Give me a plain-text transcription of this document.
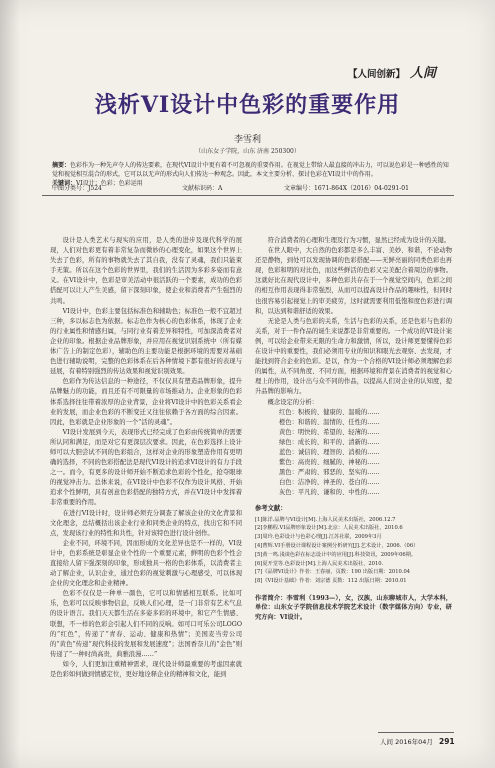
【人间创新】 人间
浅析VI设计中色彩的重要作用
李雪利
（山东女子学院，山东 济南 250300）
摘要：色彩作为一种先声夺人的传达要素，在现代VI设计中更有着不可忽视的重要作用。在视觉上带给人最直接的冲击力，可以说色彩是一种感性的知觉和视觉相互混合的形式，它可以以无声的形式向人们传达一种观念。因此，本文主要分析、探讨色彩在VI设计中的作用。
关键词：VI设计；色彩；色彩运用
中图分类号：J524	文献标识码：A	文章编号：1671-864X（2016）04-0291-01

设计是人类艺术与现实的应用，是人类的进步及现代科学的展现，人们对色彩更有着非常复杂而微妙的心理变化，如果这个世界上失去了色彩，所有的事物就失去了其自我，没有了灵魂，我们只能束手无策。所以在这个色彩的世界里，我们的生活因为多彩多姿而有意义。在VI设计中，色彩是审美活动中很活跃的一个要素，成功的色彩搭配可以让人产生美感，留下深刻印象，使企业和消费者产生强烈的共鸣。

VI设计中，色彩主要包括标准色和辅助色；标准色一般不宜超过三种，多以标志色为依据。标志色作为核心的色彩体系，体现了企业的行业属性和情感归属，与同行业有着差异和特性，可加深消费者对企业的印象。根据企业品牌形象，并应用在视觉识别系统中（所有媒体广告上的制定色彩），辅助色的主要功能是根据环境的需要对基础色进行辅助说明，完整的色彩体系在后各种情境下都有很好的表现与延展，有着特别强烈的传达效果和视觉识别效果。

色彩作为传达信息的一种途径，不仅仅具有塑造品牌形象，提升品牌魅力的功能，而且还有不可限量的市场推动力。企业形象的色彩体系选择往往带着浓厚的企业背景，企业将VI设计中的色彩关系看企业的发展，而企业色彩的不断变迁又往往依赖于各方面的综合因素。因此，色彩就是企业形象的一个“活的灵魂”。

VI设计发展到今天，表现形式已经完成了色彩由传统简单的需要所认同和满足，而是对它有更深层次要求。因此，在色彩选择上设计师可以大胆尝试不同的色彩组合，这样对企业的形象塑造作用有更明确的选择，不同的色彩搭配法是现代VI设计的追求VI设计的有力手段之一。而今，有更多的设计师开始不断追求色彩的个性化，抢夺眼球的视觉冲击力。总体来说，在VI设计中色彩不仅作为设计风格、开始追求个性鲜明，具有创意色彩搭配的独特方式，并在VI设计中发挥着非常重要的作用。

在进行VI设计时，设计师必须充分调查了解该企业的文化背景和文化理念，总结概括出该企业行业和同类企业的特点，找出它和不同点，发现该行业的特性和共性，针对该特色进行设计创作。

企业不同，环境不同，因而形成的文化差异也是不一样的，VI设计中，色彩系统是彰显企业个性的一个重要元素，鲜明的色彩个性会直接给人留下强深刻的印象，形成独具一格的色彩体系，以消费者主动了解企业，认识企业，通过色彩的视觉刺激与心理感受，可以体现企业的文化理念和企业精神。

色彩不仅仅是一种单一颜色，它可以和情感相互联系。比如可乐，色彩可以反映事物信息，反映人们心理，是一门非常有艺术气息的设计语言。我们天天都生活在多姿多彩的环境中，和它产生情感、联想，不一样的色彩会引起人们不同的反响。如可口可乐公司LOGO的“红色”，传递了“青春、运动、健康和热情”；美国麦当劳公司的“黄色”传递“现代科技的发展和发展速度”；法国香奈儿的“金色”则传递了“一种时尚高贵，典雅浪漫……”

如今，人们更加注重精神需求，现代设计师最重要的考虑因素就是色彩如何做到情感定位，更好地诠释企业的精神和文化，能到

符合消费者的心理和生理及行为习惯，显然已经成为设计的关键。

在世人眼中，大自然的色彩都是多么丰富、美妙、和谐，不论动物还是静物，到处可以发现协调的色彩搭配——无鲜亮丽的同类色彩也再现，色彩和明的对比色，而这些鲜活的色彩又完美配合着周边的事物。这就好比在现代设计中，多种色彩共存在于一个视觉空间内，色彩之间的相互作用表现得非常强烈，从而可以提高设计作品的趣味性，但同时也很容易引起视觉上的审美疲劳，这时就需要利用低饱和度色彩进行调和，以达到和谐舒适的效果。

无论是人类与色彩的关系，生活与色彩的关系，还是色彩与色彩的关系，对于一件作品的诞生来说都是非常重要的。一个成功的VI设计案例，可以给企业带来无限的生命力和激情，所以，设计师更要懂得色彩在设计中的重要性，我们必须用专业的知识和眼光去观察、去发现，才能找到符合企业的色彩。是以，作为一个合格的VI设计师必须理解色彩的属性，从不同角度、不同方面，根据环境和背景在消费者的视觉和心理上的作用，设计出与众不同的作品，以提高人们对企业的认知度，提升品牌的影响力。

概念设定的分析：

红色：积极的、健康的、温暖的……
橙色：和谐的、温情的、任性的……
黄色：明快的、希望的、轻薄的……
绿色：成长的、和平的、清新的……
蓝色：诚信的、理智的、消极的……
紫色：高贵的、细腻的、神秘的……
黑色：严肃的、邪恶的、坚实的……
白色：洁净的、神圣的、苍白的……
灰色：平凡的、谦和的、中性的……
参考文献：
[1]陈洋.品牌与VI设计[M].上海人民美术出版社，2006.12.7
[2]李鹏程.VI品牌形象设计[M].北京：人民美术出版社，2010.6
[3]周玲.色彩设计与色彩心理[J].江苏社联，2009年3月
[4]曹辉.VI手册设计课程设计案例分析研究[J].艺术设计，2006.（06）
[5]黄一鸣.浅谈色彩在标志设计中的应用[J].科技资讯，2009年06期。
[6]夏开堂等.色彩设计[M].上海人民美术出版社，2010.
[7]《品牌VI设计》作者：王春丽，页数：190 出版日期：2010.04
[8]《VI设计基础》作者：刘宗德 页数：112 出版日期：2010.01
作者简介：李雪利（1993—），女，汉族，山东聊城市人，大学本科，单位：山东女子学院信息技术学院艺术设计（数字媒体方向）专业，研究方向：VI设计。
人间 2016年04月 291
